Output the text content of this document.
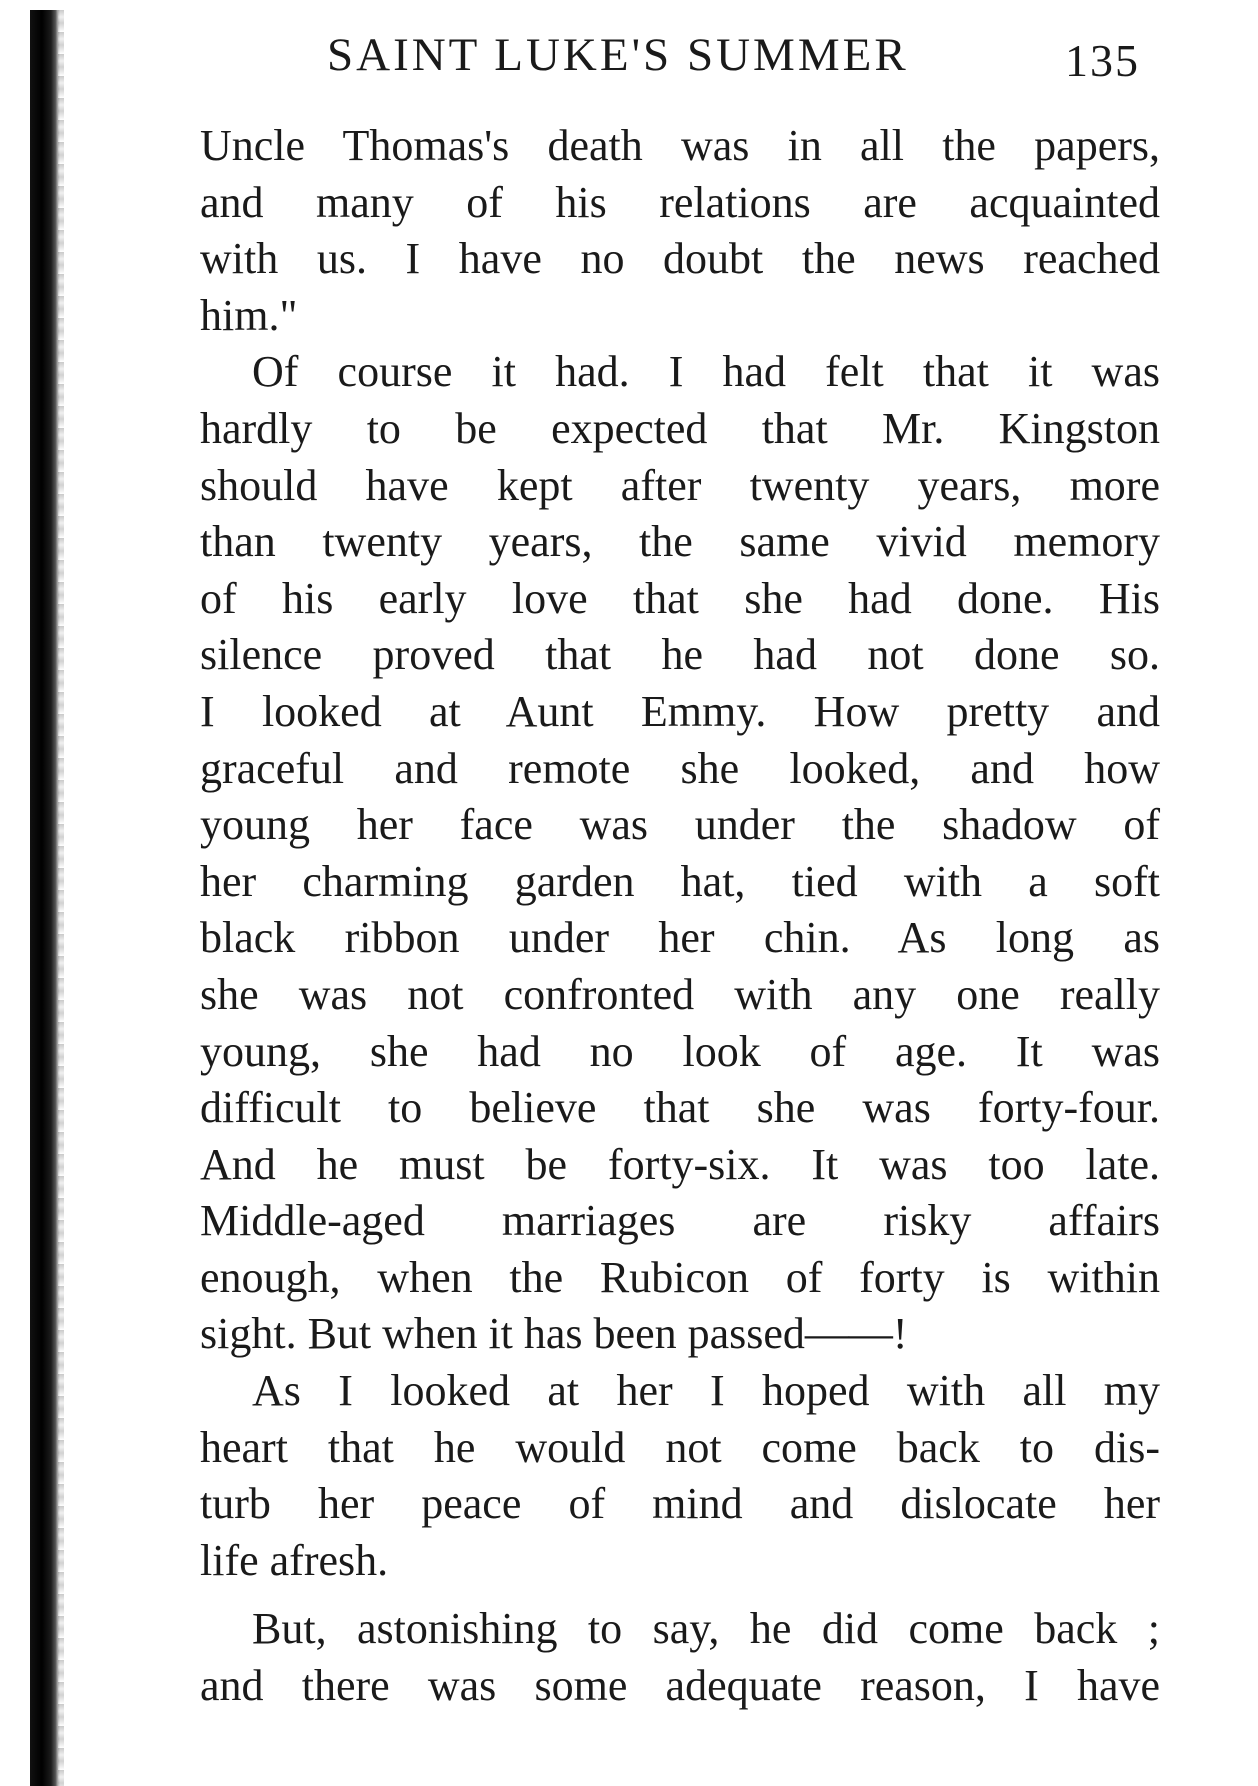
SAINT LUKE'S SUMMER	135
Uncle Thomas's death was in all the papers,
and many of his relations are acquainted
with us. I have no doubt the news reached
him."
Of course it had. I had felt that it was
hardly to be expected that Mr. Kingston
should have kept after twenty years, more
than twenty years, the same vivid memory
of his early love that she had done. His
silence proved that he had not done so.
I looked at Aunt Emmy. How pretty and
graceful and remote she looked, and how
young her face was under the shadow of
her charming garden hat, tied with a soft
black ribbon under her chin. As long as
she was not confronted with any one really
young, she had no look of age. It was
difficult to believe that she was forty-four.
And he must be forty-six. It was too late.
Middle-aged marriages are risky affairs
enough, when the Rubicon of forty is within
sight. But when it has been passed——!
As I looked at her I hoped with all my
heart that he would not come back to dis-
turb her peace of mind and dislocate her
life afresh.
But, astonishing to say, he did come back ;
and there was some adequate reason, I have
